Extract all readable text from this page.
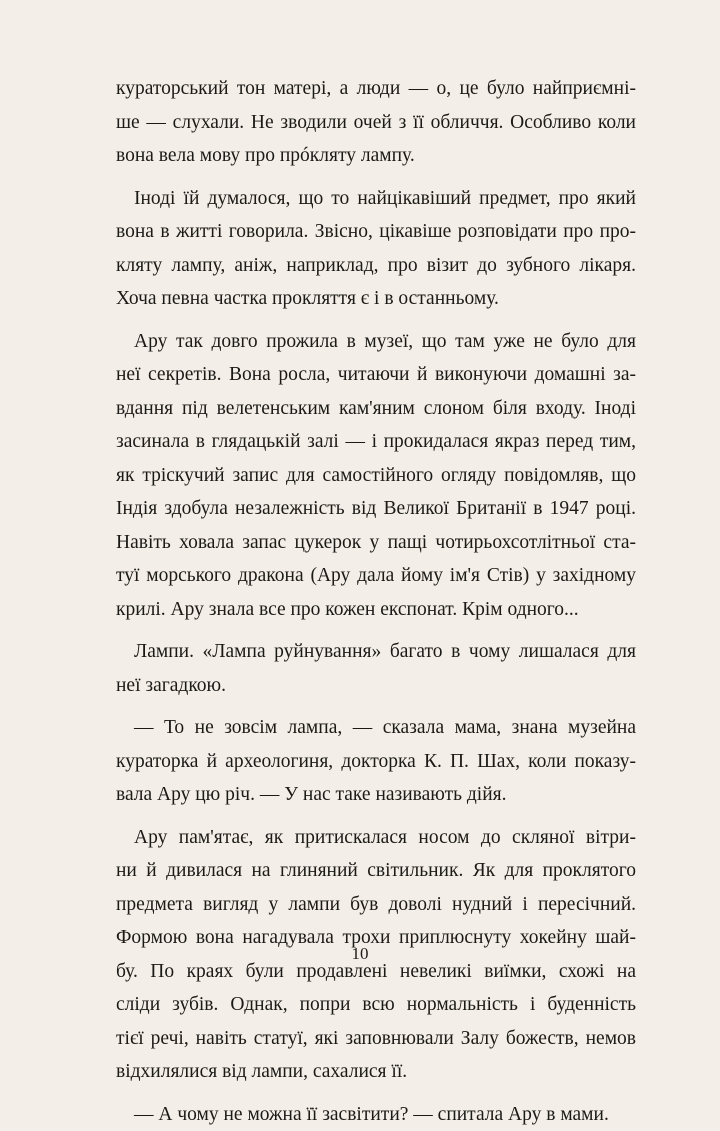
кураторський тон матері, а люди — о, це було найприємні-
ше — слухали. Не зводили очей з її обличчя. Особливо коли
вона вела мову про прóкляту лампу.
Іноді їй думалося, що то найцікавіший предмет, про який
вона в житті говорила. Звісно, цікавіше розповідати про про-
кляту лампу, аніж, наприклад, про візит до зубного лікаря.
Хоча певна частка прокляття є і в останньому.
Ару так довго прожила в музеї, що там уже не було для
неї секретів. Вона росла, читаючи й виконуючи домашні за-
вдання під велетенським кам'яним слоном біля входу. Іноді
засинала в глядацькій залі — і прокидалася якраз перед тим,
як тріскучий запис для самостійного огляду повідомляв, що
Індія здобула незалежність від Великої Британії в 1947 році.
Навіть ховала запас цукерок у пащі чотирьохсотлітньої ста-
туї морського дракона (Ару дала йому ім'я Стів) у західному
крилі. Ару знала все про кожен експонат. Крім одного...
Лампи. «Лампа руйнування» багато в чому лишалася для
неї загадкою.
— То не зовсім лампа, — сказала мама, знана музейна
кураторка й археологиня, докторка К. П. Шах, коли показу-
вала Ару цю річ. — У нас таке називають дійя.
Ару пам'ятає, як притискалася носом до скляної вітри-
ни й дивилася на глиняний світильник. Як для проклятого
предмета вигляд у лампи був доволі нудний і пересічний.
Формою вона нагадувала трохи приплюснуту хокейну шай-
бу. По краях були продавлені невеликі виїмки, схожі на
сліди зубів. Однак, попри всю нормальність і буденність
тієї речі, навіть статуї, які заповнювали Залу божеств, немов
відхилялися від лампи, сахалися її.
— А чому не можна її засвітити? — спитала Ару в мами.
10
